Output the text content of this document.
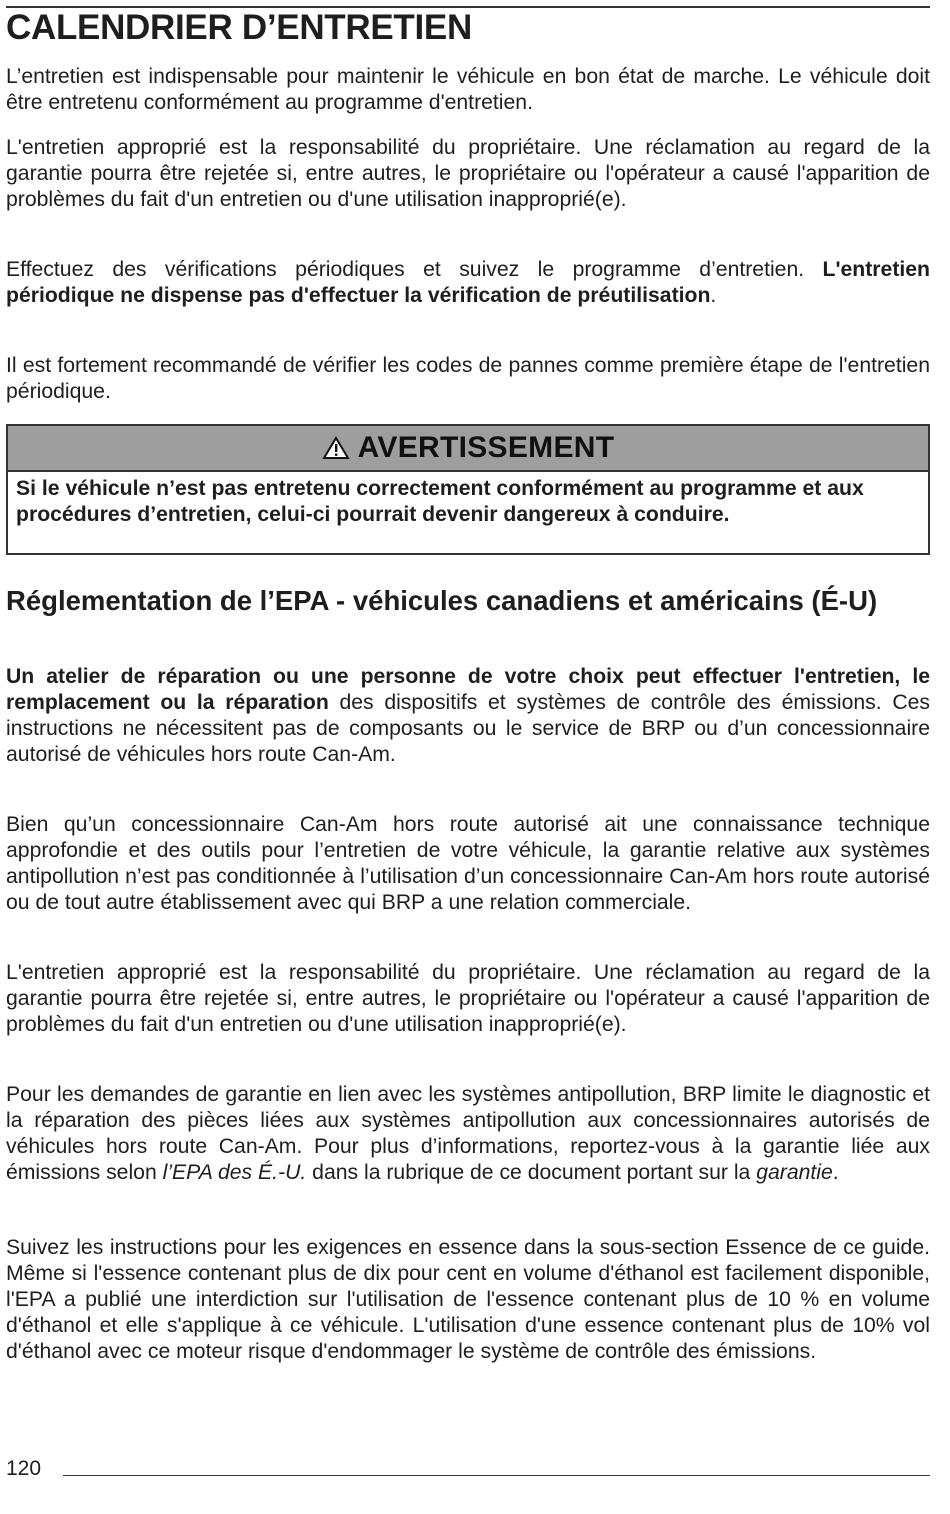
CALENDRIER D’ENTRETIEN

L’entretien est indispensable pour maintenir le véhicule en bon état de marche. Le véhicule doit être entretenu conformément au programme d'entretien.

L'entretien approprié est la responsabilité du propriétaire. Une réclamation au regard de la garantie pourra être rejetée si, entre autres, le propriétaire ou l'opérateur a causé l'apparition de problèmes du fait d'un entretien ou d'une utilisation inapproprié(e).

Effectuez des vérifications périodiques et suivez le programme d’entretien. L'entretien périodique ne dispense pas d'effectuer la vérification de préutilisation.

Il est fortement recommandé de vérifier les codes de pannes comme première étape de l'entretien périodique.

AVERTISSEMENT
Si le véhicule n’est pas entretenu correctement conformément au programme et aux procédures d’entretien, celui-ci pourrait devenir dangereux à conduire.
Réglementation de l’EPA - véhicules canadiens et américains (É-U)

Un atelier de réparation ou une personne de votre choix peut effectuer l'entretien, le remplacement ou la réparation des dispositifs et systèmes de contrôle des émissions. Ces instructions ne nécessitent pas de composants ou le service de BRP ou d’un concessionnaire autorisé de véhicules hors route Can-Am.

Bien qu’un concessionnaire Can-Am hors route autorisé ait une connaissance technique approfondie et des outils pour l’entretien de votre véhicule, la garantie relative aux systèmes antipollution n’est pas conditionnée à l’utilisation d’un concessionnaire Can-Am hors route autorisé ou de tout autre établissement avec qui BRP a une relation commerciale.

L'entretien approprié est la responsabilité du propriétaire. Une réclamation au regard de la garantie pourra être rejetée si, entre autres, le propriétaire ou l'opérateur a causé l'apparition de problèmes du fait d'un entretien ou d'une utilisation inapproprié(e).

Pour les demandes de garantie en lien avec les systèmes antipollution, BRP limite le diagnostic et la réparation des pièces liées aux systèmes antipollution aux concessionnaires autorisés de véhicules hors route Can-Am. Pour plus d’informations, reportez-vous à la garantie liée aux émissions selon l’EPA des É.-U. dans la rubrique de ce document portant sur la garantie.

Suivez les instructions pour les exigences en essence dans la sous-section Essence de ce guide. Même si l'essence contenant plus de dix pour cent en volume d'éthanol est facilement disponible, l'EPA a publié une interdiction sur l'utilisation de l'essence contenant plus de 10 % en volume d'éthanol et elle s'applique à ce véhicule. L'utilisation d'une essence contenant plus de 10% vol d'éthanol avec ce moteur risque d'endommager le système de contrôle des émissions.

120
